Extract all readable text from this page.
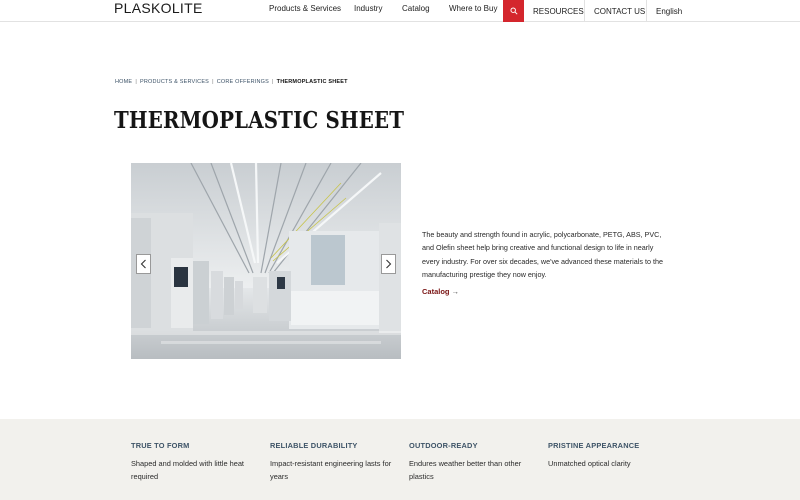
PLASKOLITE	Products & Services Industry Catalog Where to Buy	RESOURCES	CONTACT US	English
HOME | PRODUCTS & SERVICES | CORE OFFERINGS | THERMOPLASTIC SHEET
THERMOPLASTIC SHEET

The beauty and strength found in acrylic, polycarbonate, PETG, ABS, PVC, and Olefin sheet help bring creative and functional design to life in nearly every industry. For over six decades, we've advanced these materials to the manufacturing prestige they now enjoy.

Catalog →
TRUE TO FORM
Shaped and molded with little heat required
RELIABLE DURABILITY
Impact-resistant engineering lasts for years
OUTDOOR-READY
Endures weather better than other plastics
PRISTINE APPEARANCE
Unmatched optical clarity
